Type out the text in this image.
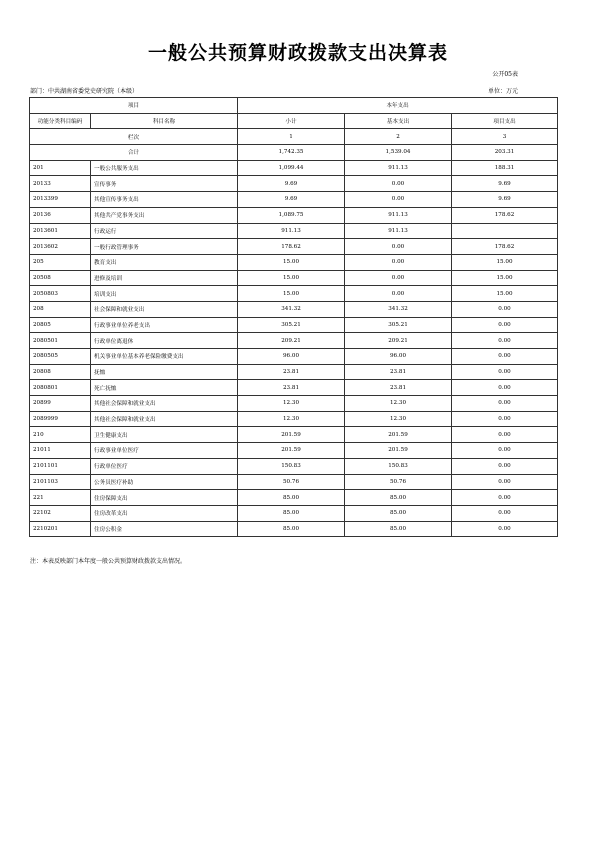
一般公共预算财政拨款支出决算表
公开05表
部门：中共湖南省委党史研究院（本级）	单位：万元
项目		本年支出		
功能分类科目编码	科目名称	小计	基本支出	项目支出
栏次		1	2	3
合计		1,742.35	1,539.04	203.31
201	一般公共服务支出	1,099.44	911.13	188.31
20133	宣传事务	9.69	0.00	9.69
2013399	其他宣传事务支出	9.69	0.00	9.69
20136	其他共产党事务支出	1,089.75	911.13	178.62
2013601	行政运行	911.13	911.13	
2013602	一般行政管理事务	178.62	0.00	178.62
205	教育支出	15.00	0.00	15.00
20508	进修及培训	15.00	0.00	15.00
2050803	培训支出	15.00	0.00	15.00
208	社会保障和就业支出	341.32	341.32	0.00
20805	行政事业单位养老支出	305.21	305.21	0.00
2080501	行政单位离退休	209.21	209.21	0.00
2080505	机关事业单位基本养老保险缴费支出	96.00	96.00	0.00
20808	抚恤	23.81	23.81	0.00
2080801	死亡抚恤	23.81	23.81	0.00
20899	其他社会保障和就业支出	12.30	12.30	0.00
2089999	其他社会保障和就业支出	12.30	12.30	0.00
210	卫生健康支出	201.59	201.59	0.00
21011	行政事业单位医疗	201.59	201.59	0.00
2101101	行政单位医疗	150.83	150.83	0.00
2101103	公务员医疗补助	50.76	50.76	0.00
221	住房保障支出	85.00	85.00	0.00
22102	住房改革支出	85.00	85.00	0.00
2210201	住房公积金	85.00	85.00	0.00
注：本表反映部门本年度一般公共预算财政拨款支出情况。
